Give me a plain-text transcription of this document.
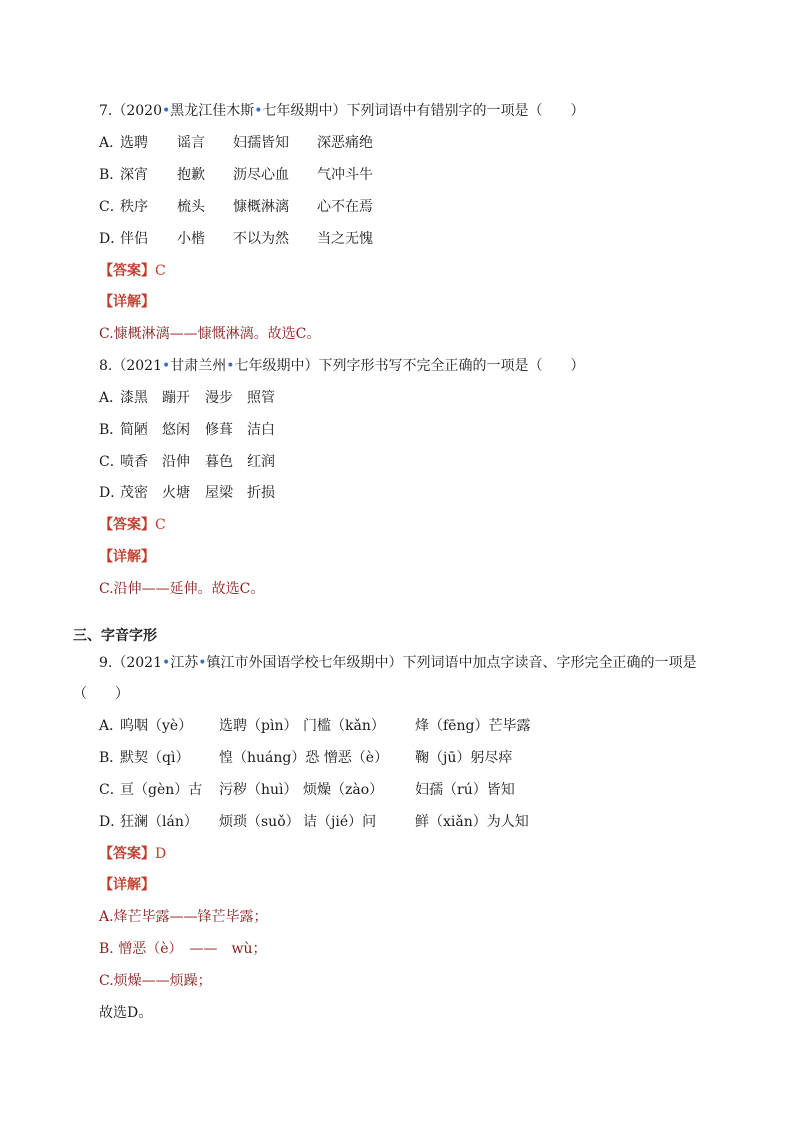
7.（2020•黑龙江佳木斯•七年级期中）下列词语中有错别字的一项是（　　）
A．
选聘 谣言 妇孺皆知 深恶痛绝
B．
深宵 抱歉 沥尽心血 气冲斗牛
C．
秩序 梳头 慷概淋漓 心不在焉
D．
伴侣 小楷 不以为然 当之无愧
【答案】C
【详解】
C.慷概淋漓——慷慨淋漓。故选C。
8.（2021•甘肃兰州•七年级期中）下列字形书写不完全正确的一项是（　　）
A．
漆黑 蹦开 漫步 照管
B．
简陋 悠闲 修葺 洁白
C．
喷香 沿伸 暮色 红润
D．
茂密 火塘 屋梁 折损
【答案】C
【详解】
C.沿伸——延伸。故选C。
三、字音字形
9.（2021•江苏•镇江市外国语学校七年级期中）下列词语中加点字读音、字形完全正确的一项是
（　　）
A．
呜咽（yè） 选聘（pìn） 门槛（kǎn） 烽（fēng）芒毕露
B．
默契（qì） 惶（huáng）恐 憎恶（è） 鞠（jū）躬尽瘁
C．
亘（gèn）古 污秽（huì） 烦燥（zào） 妇孺（rú）皆知
D．
狂澜（lán） 烦琐（suǒ） 诘（jié）问	鲜（xiǎn）为人知
【答案】D
【详解】
A.烽芒毕露——锋芒毕露；
B. 憎恶（è）　——　wù；
C.烦燥——烦躁；
故选D。
